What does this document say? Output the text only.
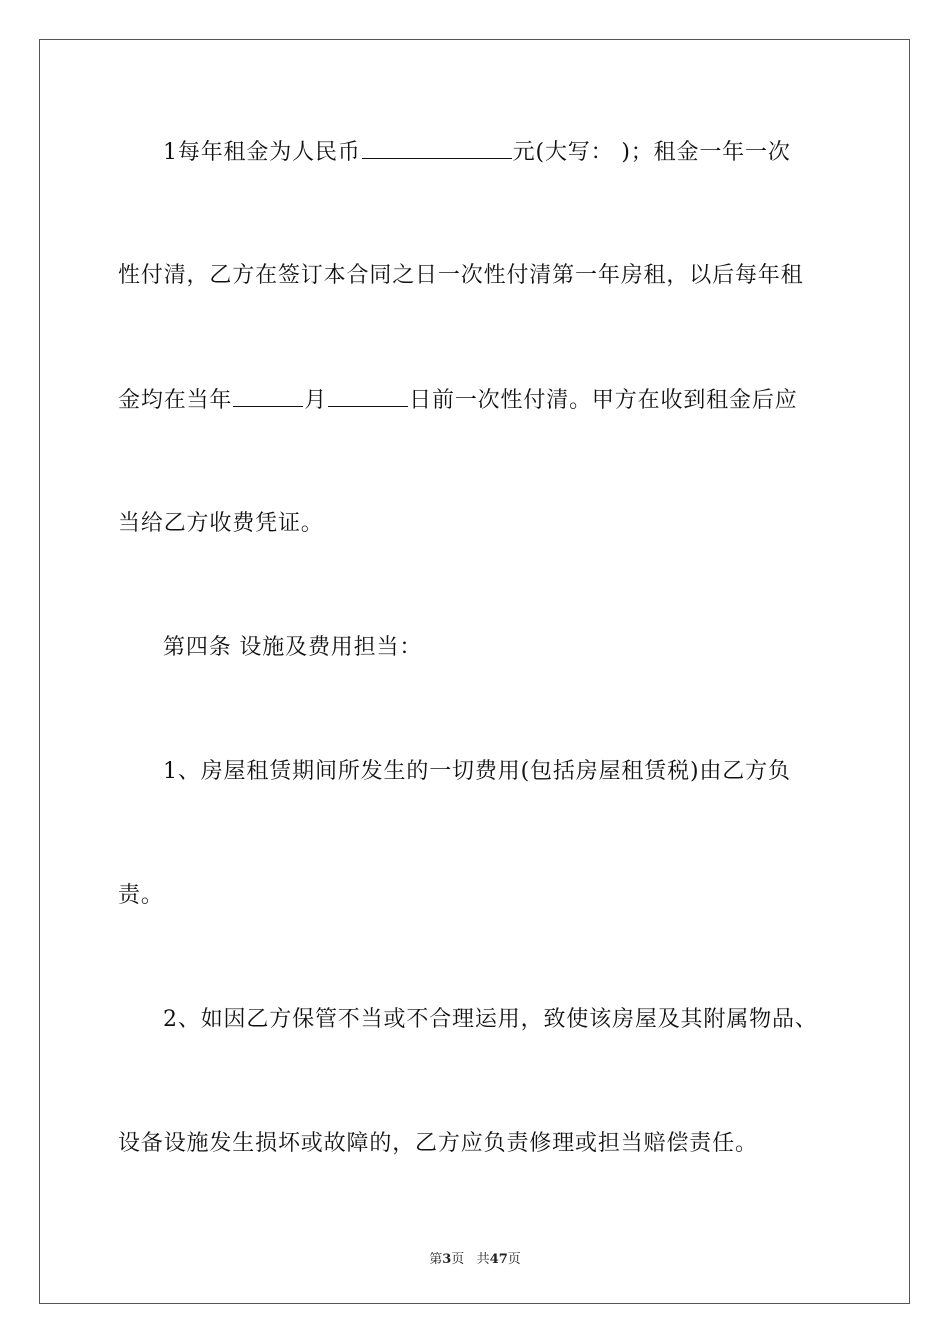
1每年租金为人民币	元(大写： )；租金一年一次
性付清，乙方在签订本合同之日一次性付清第一年房租，以后每年租
金均在当年	月	日前一次性付清。甲方在收到租金后应
当给乙方收费凭证。
第四条 设施及费用担当：
1、房屋租赁期间所发生的一切费用(包括房屋租赁税)由乙方负
责。
2、如因乙方保管不当或不合理运用，致使该房屋及其附属物品、
设备设施发生损坏或故障的，乙方应负责修理或担当赔偿责任。
第3页 共47页
